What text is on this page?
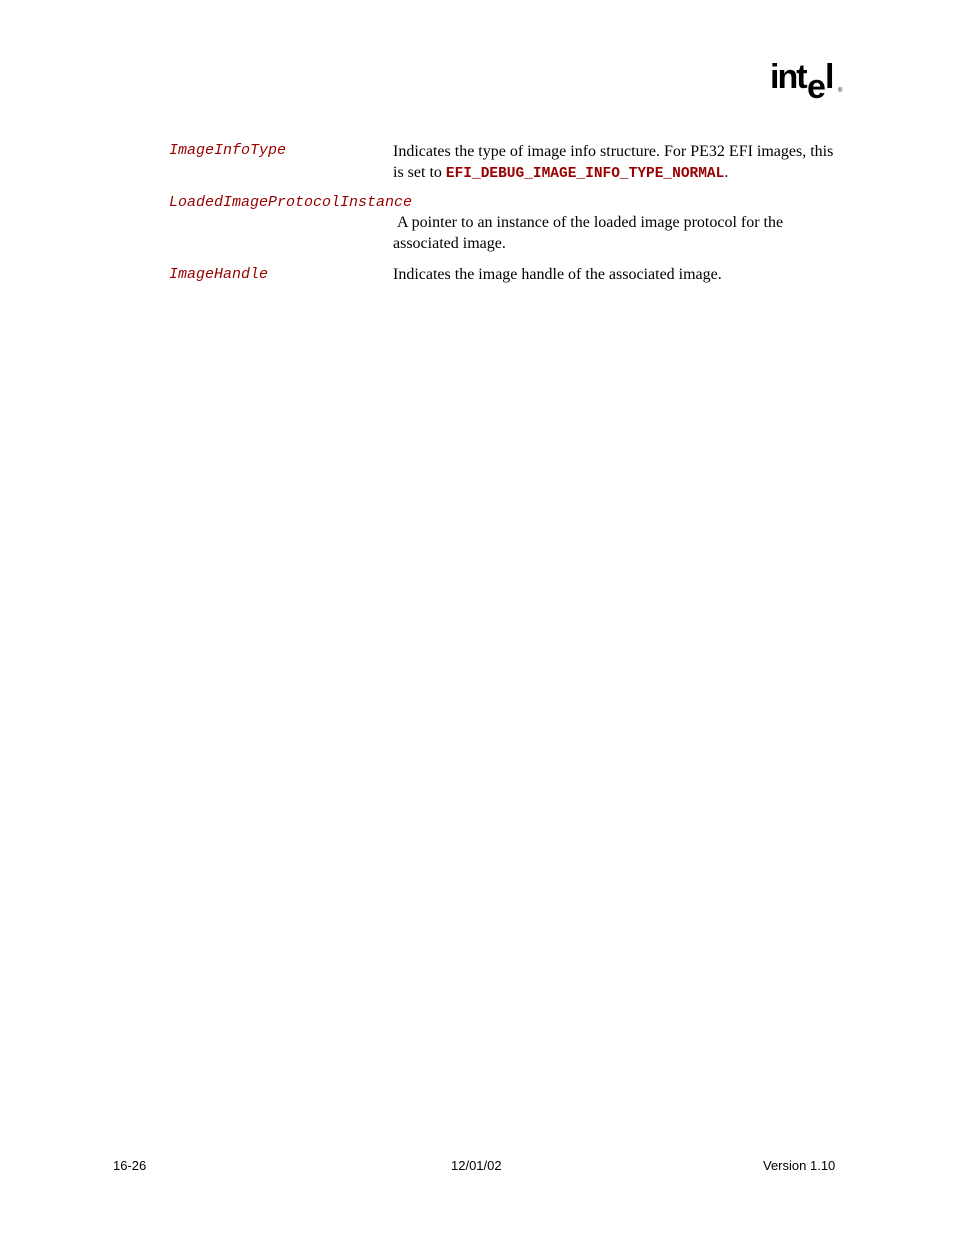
int e l ®
ImageInfoType	Indicates the type of image info structure. For PE32 EFI images, this is set to EFI_DEBUG_IMAGE_INFO_TYPE_NORMAL.
LoadedImageProtocolInstance
A pointer to an instance of the loaded image protocol for the associated image.
ImageHandle	Indicates the image handle of the associated image.
16-26	12/01/02	Version 1.10
